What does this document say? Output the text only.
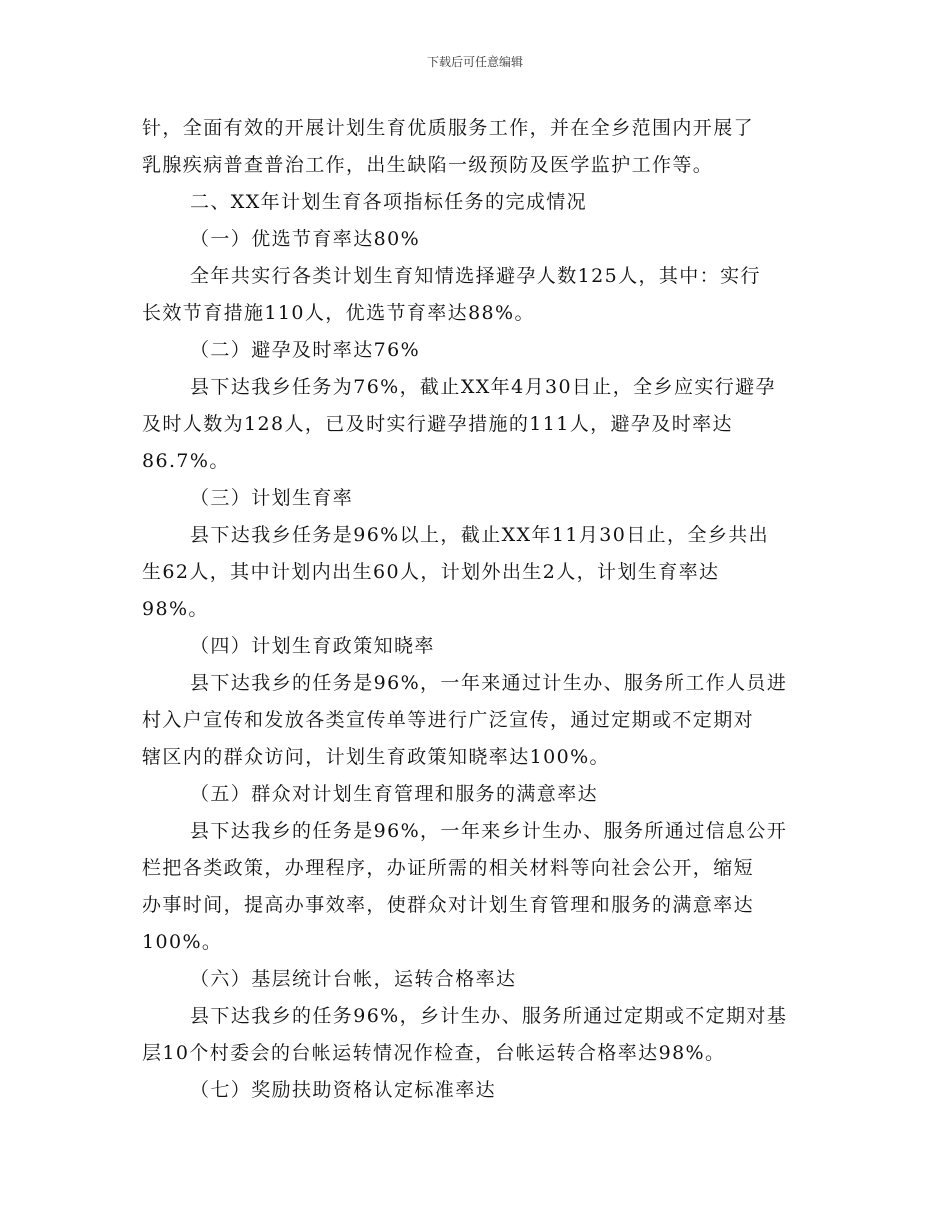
下载后可任意编辑
针，全面有效的开展计划生育优质服务工作，并在全乡范围内开展了
乳腺疾病普查普治工作，出生缺陷一级预防及医学监护工作等。
二、XX年计划生育各项指标任务的完成情况
（一）优选节育率达80%
全年共实行各类计划生育知情选择避孕人数125人，其中：实行
长效节育措施110人，优选节育率达88%。
（二）避孕及时率达76%
县下达我乡任务为76%，截止XX年4月30日止，全乡应实行避孕
及时人数为128人，已及时实行避孕措施的111人，避孕及时率达
86.7%。
（三）计划生育率
县下达我乡任务是96%以上，截止XX年11月30日止，全乡共出
生62人，其中计划内出生60人，计划外出生2人，计划生育率达
98%。
（四）计划生育政策知晓率
县下达我乡的任务是96%，一年来通过计生办、服务所工作人员进
村入户宣传和发放各类宣传单等进行广泛宣传，通过定期或不定期对
辖区内的群众访问，计划生育政策知晓率达100%。
（五）群众对计划生育管理和服务的满意率达
县下达我乡的任务是96%，一年来乡计生办、服务所通过信息公开
栏把各类政策，办理程序，办证所需的相关材料等向社会公开，缩短
办事时间，提高办事效率，使群众对计划生育管理和服务的满意率达
100%。
（六）基层统计台帐，运转合格率达
县下达我乡的任务96%，乡计生办、服务所通过定期或不定期对基
层10个村委会的台帐运转情况作检查，台帐运转合格率达98%。
（七）奖励扶助资格认定标准率达
